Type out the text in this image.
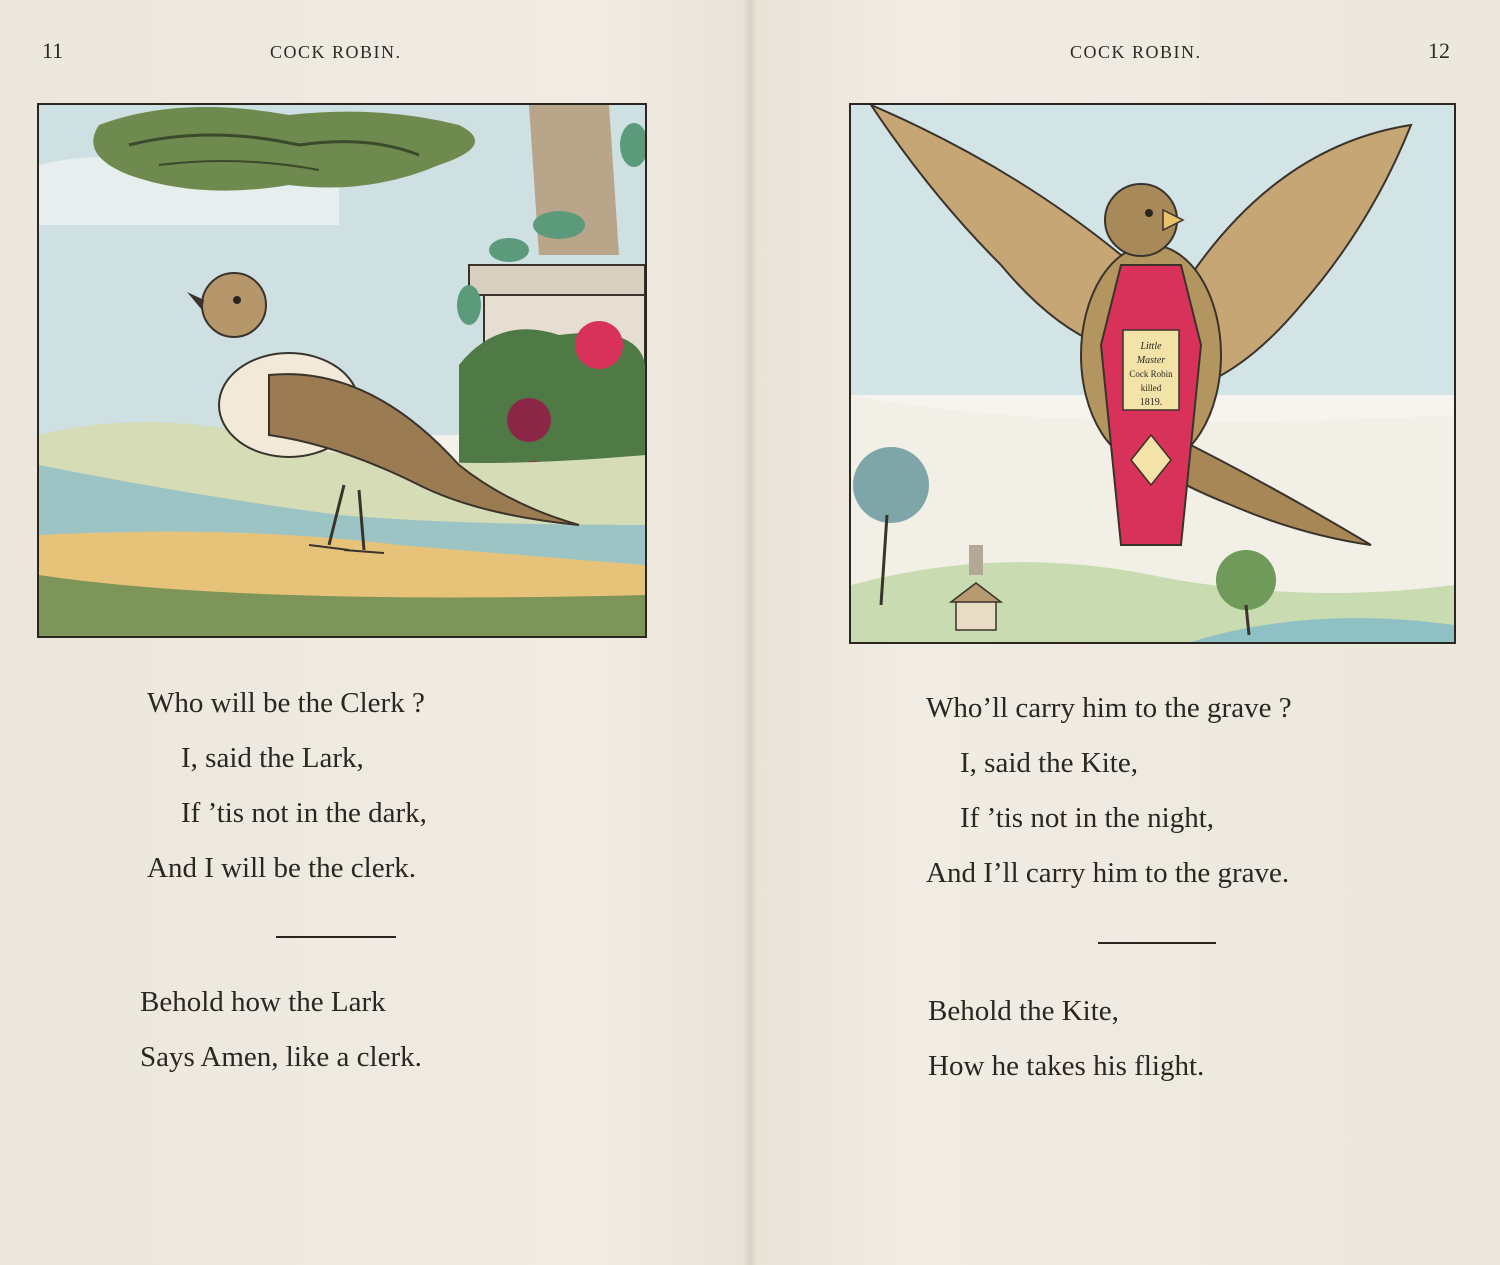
11	COCK ROBIN.
Who will be the Clerk ?
I, said the Lark,
If ’tis not in the dark,
And I will be the clerk.
Behold how the Lark
Says Amen, like a clerk.
COCK ROBIN.	12
Little
Master
Cock Robin
killed
1819.
Who’ll carry him to the grave ?
I, said the Kite,
If ’tis not in the night,
And I’ll carry him to the grave.
Behold the Kite,
How he takes his flight.
